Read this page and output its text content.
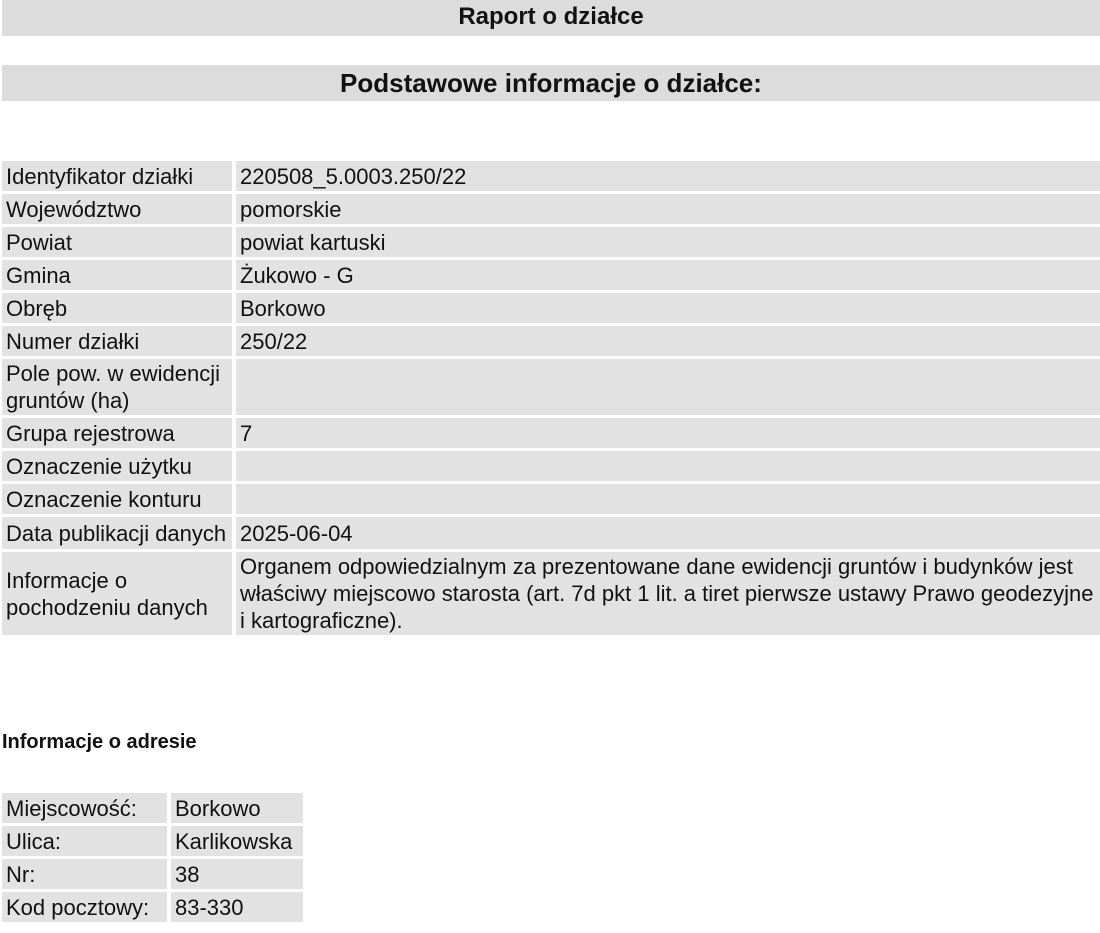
Raport o działce
Podstawowe informacje o działce:
Identyfikator działki	220508_5.0003.250/22
Województwo	pomorskie
Powiat	powiat kartuski
Gmina	Żukowo - G
Obręb	Borkowo
Numer działki	250/22
Pole pow. w ewidencji gruntów (ha)	
Grupa rejestrowa	7
Oznaczenie użytku	
Oznaczenie konturu	
Data publikacji danych	2025-06-04
Informacje o pochodzeniu danych	Organem odpowiedzialnym za prezentowane dane ewidencji gruntów i budynków jest właściwy miejscowo starosta (art. 7d pkt 1 lit. a tiret pierwsze ustawy Prawo geodezyjne i kartograficzne).
Informacje o adresie
Miejscowość:	Borkowo
Ulica:	Karlikowska
Nr:	38
Kod pocztowy:	83-330
